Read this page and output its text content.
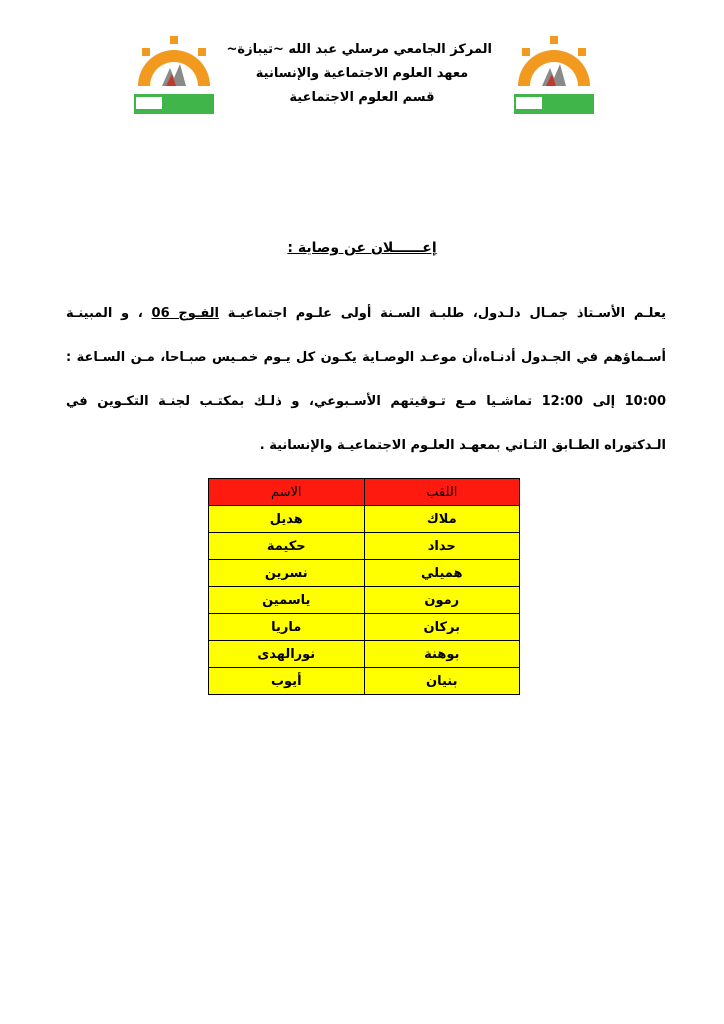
المركز الجامعي مرسلي عبد الله ~تيبازة~
معهد العلوم الاجتماعية والإنسانية
قسم العلوم الاجتماعية
إعــــــلان عن وصاية :
يعلـم الأسـتاذ جمـال دلـدول، طلبـة السـنة أولى علـوم اجتماعيـة الفـوج 06 ، و المبينـة أسـماؤهم في الجـدول أدنـاه،أن موعـد الوصـاية يكـون كل يـوم خمـيس صبـاحا، مـن السـاعة : 10:00 إلى 12:00 تماشـيا مـع تـوقيتهم الأسـبوعي، و ذلـك بمكتـب لجنـة التكـوين في الـدكتوراه الطـابق الثـاني بمعهـد العلـوم الاجتماعيـة والإنسانية .
اللقب	الاسم
ملاك	هديل
حداد	حكيمة
هميلي	نسرين
رمون	ياسمين
بركان	ماريا
بوهنة	نورالهدى
بنيان	أيوب
